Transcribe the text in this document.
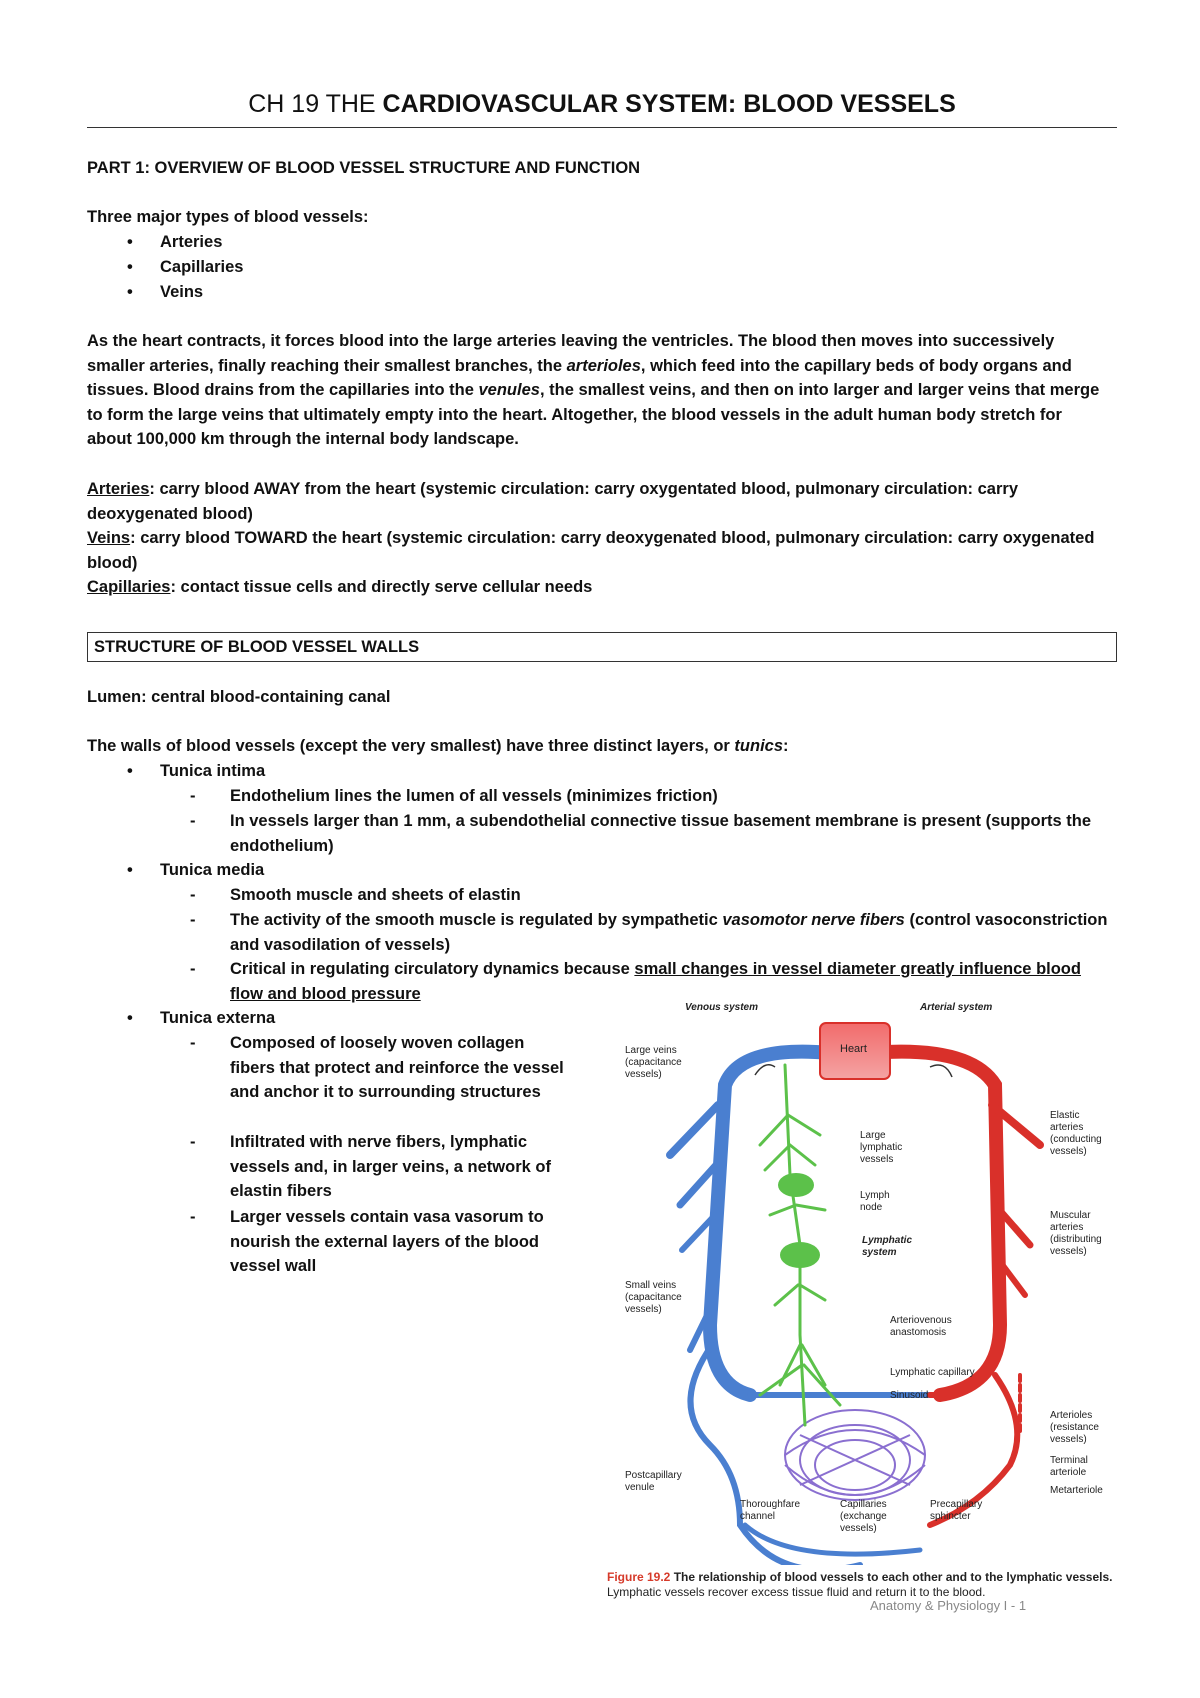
CH 19 THE CARDIOVASCULAR SYSTEM: BLOOD VESSELS
PART 1: OVERVIEW OF BLOOD VESSEL STRUCTURE AND FUNCTION
Three major types of blood vessels:
• Arteries
• Capillaries
• Veins
As the heart contracts, it forces blood into the large arteries leaving the ventricles. The blood then moves into successively smaller arteries, finally reaching their smallest branches, the arterioles, which feed into the capillary beds of body organs and tissues. Blood drains from the capillaries into the venules, the smallest veins, and then on into larger and larger veins that merge to form the large veins that ultimately empty into the heart. Altogether, the blood vessels in the adult human body stretch for about 100,000 km through the internal body landscape.
Arteries: carry blood AWAY from the heart (systemic circulation: carry oxygentated blood, pulmonary circulation: carry deoxygenated blood)
Veins: carry blood TOWARD the heart (systemic circulation: carry deoxygenated blood, pulmonary circulation: carry oxygenated blood)
Capillaries: contact tissue cells and directly serve cellular needs
STRUCTURE OF BLOOD VESSEL WALLS
Lumen: central blood-containing canal
The walls of blood vessels (except the very smallest) have three distinct layers, or tunics:
• Tunica intima
- Endothelium lines the lumen of all vessels (minimizes friction)
- In vessels larger than 1 mm, a subendothelial connective tissue basement membrane is present (supports the endothelium)
• Tunica media
- Smooth muscle and sheets of elastin
- The activity of the smooth muscle is regulated by sympathetic vasomotor nerve fibers (control vasoconstriction and vasodilation of vessels)
- Critical in regulating circulatory dynamics because small changes in vessel diameter greatly influence blood flow and blood pressure
• Tunica externa
- Composed of loosely woven collagen fibers that protect and reinforce the vessel and anchor it to surrounding structures
- Infiltrated with nerve fibers, lymphatic vessels and, in larger veins, a network of elastin fibers
- Larger vessels contain vasa vasorum to nourish the external layers of the blood vessel wall
Venous system	Arterial system
Heart
Large veins
(capacitance
vessels)
Large
lymphatic
vessels
Lymph
node
Lymphatic
system
Elastic
arteries
(conducting
vessels)
Muscular
arteries
(distributing
vessels)
Small veins
(capacitance
vessels)
Arteriovenous
anastomosis
Lymphatic capillary
Sinusoid
Arterioles
(resistance
vessels)
Terminal
arteriole
Metarteriole
Postcapillary
venule
Thoroughfare
channel
Capillaries
(exchange
vessels)
Precapillary
sphincter
Figure 19.2 The relationship of blood vessels to each other and to the lymphatic vessels. Lymphatic vessels recover excess tissue fluid and return it to the blood.
Anatomy & Physiology I - 1
